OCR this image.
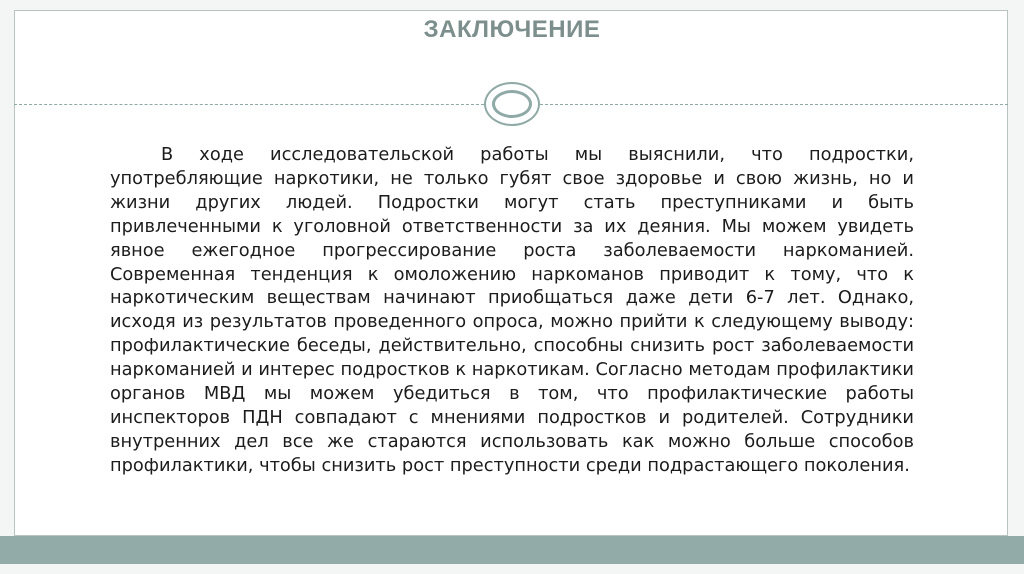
ЗАКЛЮЧЕНИЕ

В ходе исследовательской работы мы выяснили, что подростки, употребляющие наркотики, не только губят свое здоровье и свою жизнь, но и жизни других людей. Подростки могут стать преступниками и быть привлеченными к уголовной ответственности за их деяния. Мы можем увидеть явное ежегодное прогрессирование роста заболеваемости наркоманией. Современная тенденция к омоложению наркоманов приводит к тому, что к наркотическим веществам начинают приобщаться даже дети 6-7 лет. Однако, исходя из результатов проведенного опроса, можно прийти к следующему выводу: профилактические беседы, действительно, способны снизить рост заболеваемости наркоманией и интерес подростков к наркотикам. Согласно методам профилактики органов МВД мы можем убедиться в том, что профилактические работы инспекторов ПДН совпадают с мнениями подростков и родителей. Сотрудники внутренних дел все же стараются использовать как можно больше способов профилактики, чтобы снизить рост преступности среди подрастающего поколения.
